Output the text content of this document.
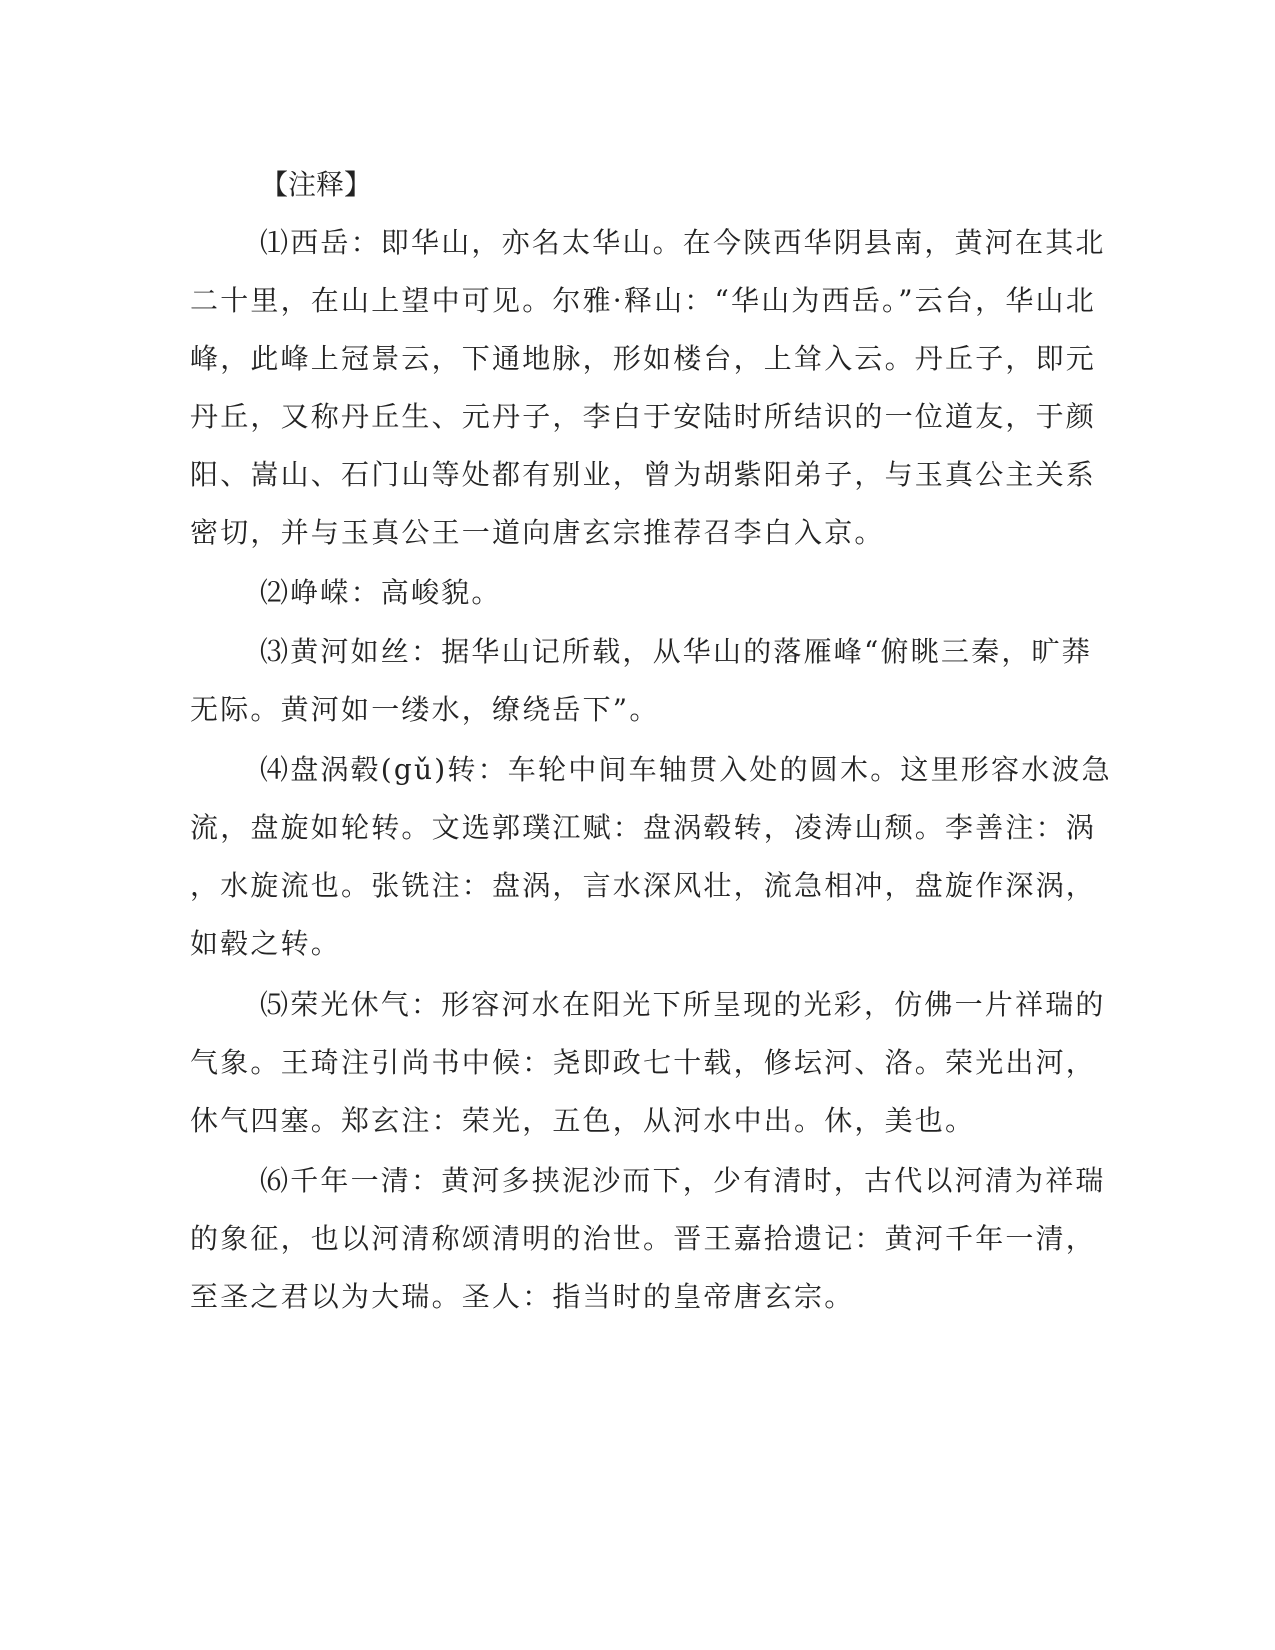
【注释】
⑴西岳：即华山，亦名太华山。在今陕西华阴县南，黄河在其北
二十里，在山上望中可见。尔雅·释山：“华山为西岳。”云台，华山北
峰，此峰上冠景云，下通地脉，形如楼台，上耸入云。丹丘子，即元
丹丘，又称丹丘生、元丹子，李白于安陆时所结识的一位道友，于颜
阳、嵩山、石门山等处都有别业，曾为胡紫阳弟子，与玉真公主关系
密切，并与玉真公王一道向唐玄宗推荐召李白入京。
⑵峥嵘：高峻貌。
⑶黄河如丝：据华山记所载，从华山的落雁峰“俯眺三秦，旷莽
无际。黄河如一缕水，缭绕岳下”。
⑷盘涡毂(gǔ)转：车轮中间车轴贯入处的圆木。这里形容水波急
流，盘旋如轮转。文选郭璞江赋：盘涡毂转，凌涛山颓。李善注：涡
，水旋流也。张铣注：盘涡，言水深风壮，流急相冲，盘旋作深涡，
如毂之转。
⑸荣光休气：形容河水在阳光下所呈现的光彩，仿佛一片祥瑞的
气象。王琦注引尚书中候：尧即政七十载，修坛河、洛。荣光出河，
休气四塞。郑玄注：荣光，五色，从河水中出。休，美也。
⑹千年一清：黄河多挟泥沙而下，少有清时，古代以河清为祥瑞
的象征，也以河清称颂清明的治世。晋王嘉拾遗记：黄河千年一清，
至圣之君以为大瑞。圣人：指当时的皇帝唐玄宗。
